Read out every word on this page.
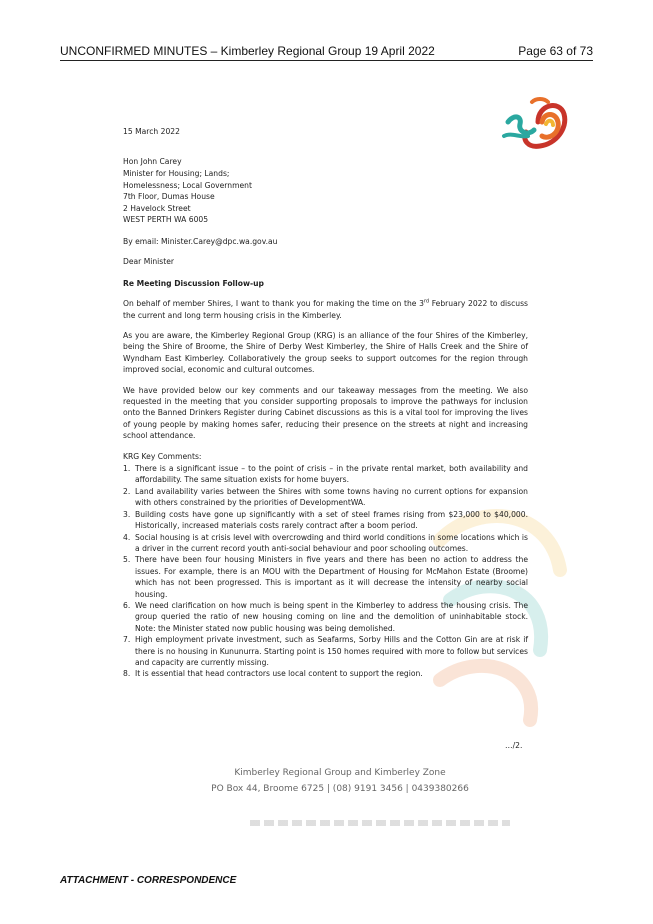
UNCONFIRMED MINUTES – Kimberley Regional Group 19 April 2022	Page 63 of 73
15 March 2022
Hon John Carey
Minister for Housing; Lands;
Homelessness; Local Government
7th Floor, Dumas House
2 Havelock Street
WEST PERTH WA 6005
By email: Minister.Carey@dpc.wa.gov.au
Dear Minister
Re Meeting Discussion Follow-up

On behalf of member Shires, I want to thank you for making the time on the 3rd February 2022 to discuss the current and long term housing crisis in the Kimberley.

As you are aware, the Kimberley Regional Group (KRG) is an alliance of the four Shires of the Kimberley, being the Shire of Broome, the Shire of Derby West Kimberley, the Shire of Halls Creek and the Shire of Wyndham East Kimberley. Collaboratively the group seeks to support outcomes for the region through improved social, economic and cultural outcomes.

We have provided below our key comments and our takeaway messages from the meeting. We also requested in the meeting that you consider supporting proposals to improve the pathways for inclusion onto the Banned Drinkers Register during Cabinet discussions as this is a vital tool for improving the lives of young people by making homes safer, reducing their presence on the streets at night and increasing school attendance.

KRG Key Comments:
1. There is a significant issue – to the point of crisis – in the private rental market, both availability and affordability. The same situation exists for home buyers.
2. Land availability varies between the Shires with some towns having no current options for expansion with others constrained by the priorities of DevelopmentWA.
3. Building costs have gone up significantly with a set of steel frames rising from $23,000 to $40,000. Historically, increased materials costs rarely contract after a boom period.
4. Social housing is at crisis level with overcrowding and third world conditions in some locations which is a driver in the current record youth anti-social behaviour and poor schooling outcomes.
5. There have been four housing Ministers in five years and there has been no action to address the issues. For example, there is an MOU with the Department of Housing for McMahon Estate (Broome) which has not been progressed. This is important as it will decrease the intensity of nearby social housing.
6. We need clarification on how much is being spent in the Kimberley to address the housing crisis. The group queried the ratio of new housing coming on line and the demolition of uninhabitable stock. Note: the Minister stated now public housing was being demolished.
7. High employment private investment, such as Seafarms, Sorby Hills and the Cotton Gin are at risk if there is no housing in Kununurra. Starting point is 150 homes required with more to follow but services and capacity are currently missing.
8. It is essential that head contractors use local content to support the region.
…/2.
Kimberley Regional Group and Kimberley Zone
PO Box 44, Broome 6725 | (08) 9191 3456 | 0439380266
ATTACHMENT - CORRESPONDENCE
